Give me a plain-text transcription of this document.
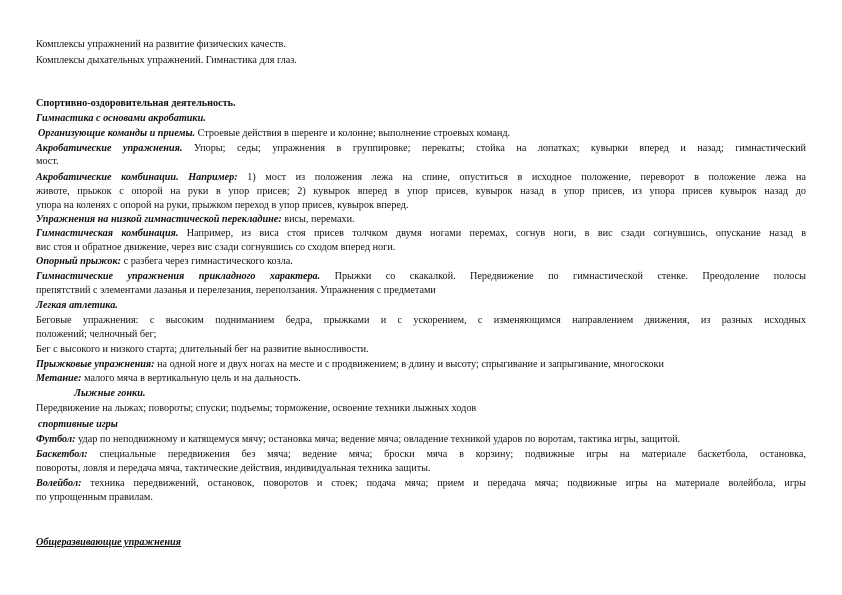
Комплексы упражнений на развитие физических качеств.
Комплексы дыхательных упражнений. Гимнастика для глаз.
Спортивно-оздоровительная деятельность.
Гимнастика с основами акробатики.
Организующие команды и приемы. Строевые действия в шеренге и колонне; выполнение строевых команд.
Акробатические упражнения. Упоры; седы; упражнения в группировке; перекаты; стойка на лопатках; кувырки вперед и назад; гимнастический
мост.
Акробатические комбинации. Например: 1) мост из положения лежа на спине, опуститься в исходное положение, переворот в положение лежа на
животе, прыжок с опорой на руки в упор присев; 2) кувырок вперед в упор присев, кувырок назад в упор присев, из упора присев кувырок назад до
упора на коленях с опорой на руки, прыжком переход в упор присев, кувырок вперед.
Упражнения на низкой гимнастической перекладине: висы, перемахи.
Гимнастическая комбинация. Например, из виса стоя присев толчком двумя ногами перемах, согнув ноги, в вис сзади согнувшись, опускание назад в
вис стоя и обратное движение, через вис сзади согнувшись со сходом вперед ноги.
Опорный прыжок: с разбега через гимнастического козла.
Гимнастические упражнения прикладного характера. Прыжки со скакалкой. Передвижение по гимнастической стенке. Преодоление полосы
препятствий с элементами лазанья и перелезания, переползания. Упражнения с предметами
Легкая атлетика.
Беговые упражнения: с высоким подниманием бедра, прыжками и с ускорением, с изменяющимся направлением движения, из разных исходных
положений; челночный бег;
Бег с высокого и низкого старта; длительный бег на развитие выносливости.
Прыжковые упражнения: на одной ноге и двух ногах на месте и с продвижением; в длину и высоту; спрыгивание и запрыгивание, многоскоки
Метание: малого мяча в вертикальную цель и на дальность.
Лыжные гонки.
Передвижение на лыжах; повороты; спуски; подъемы; торможение, освоение техники лыжных ходов
спортивные игры
Футбол: удар по неподвижному и катящемуся мячу; остановка мяча; ведение мяча; овладение техникой ударов по воротам, тактика игры, защитой.
Баскетбол: специальные передвижения без мяча; ведение мяча; броски мяча в корзину; подвижные игры на материале баскетбола, остановка,
повороты, ловля и передача мяча, тактические действия, индивидуальная техника защиты.
Волейбол: техника передвижений, остановок, поворотов и стоек; подача мяча; прием и передача мяча; подвижные игры на материале волейбола, игры
по упрощенным правилам.
Общеразвивающие упражнения
